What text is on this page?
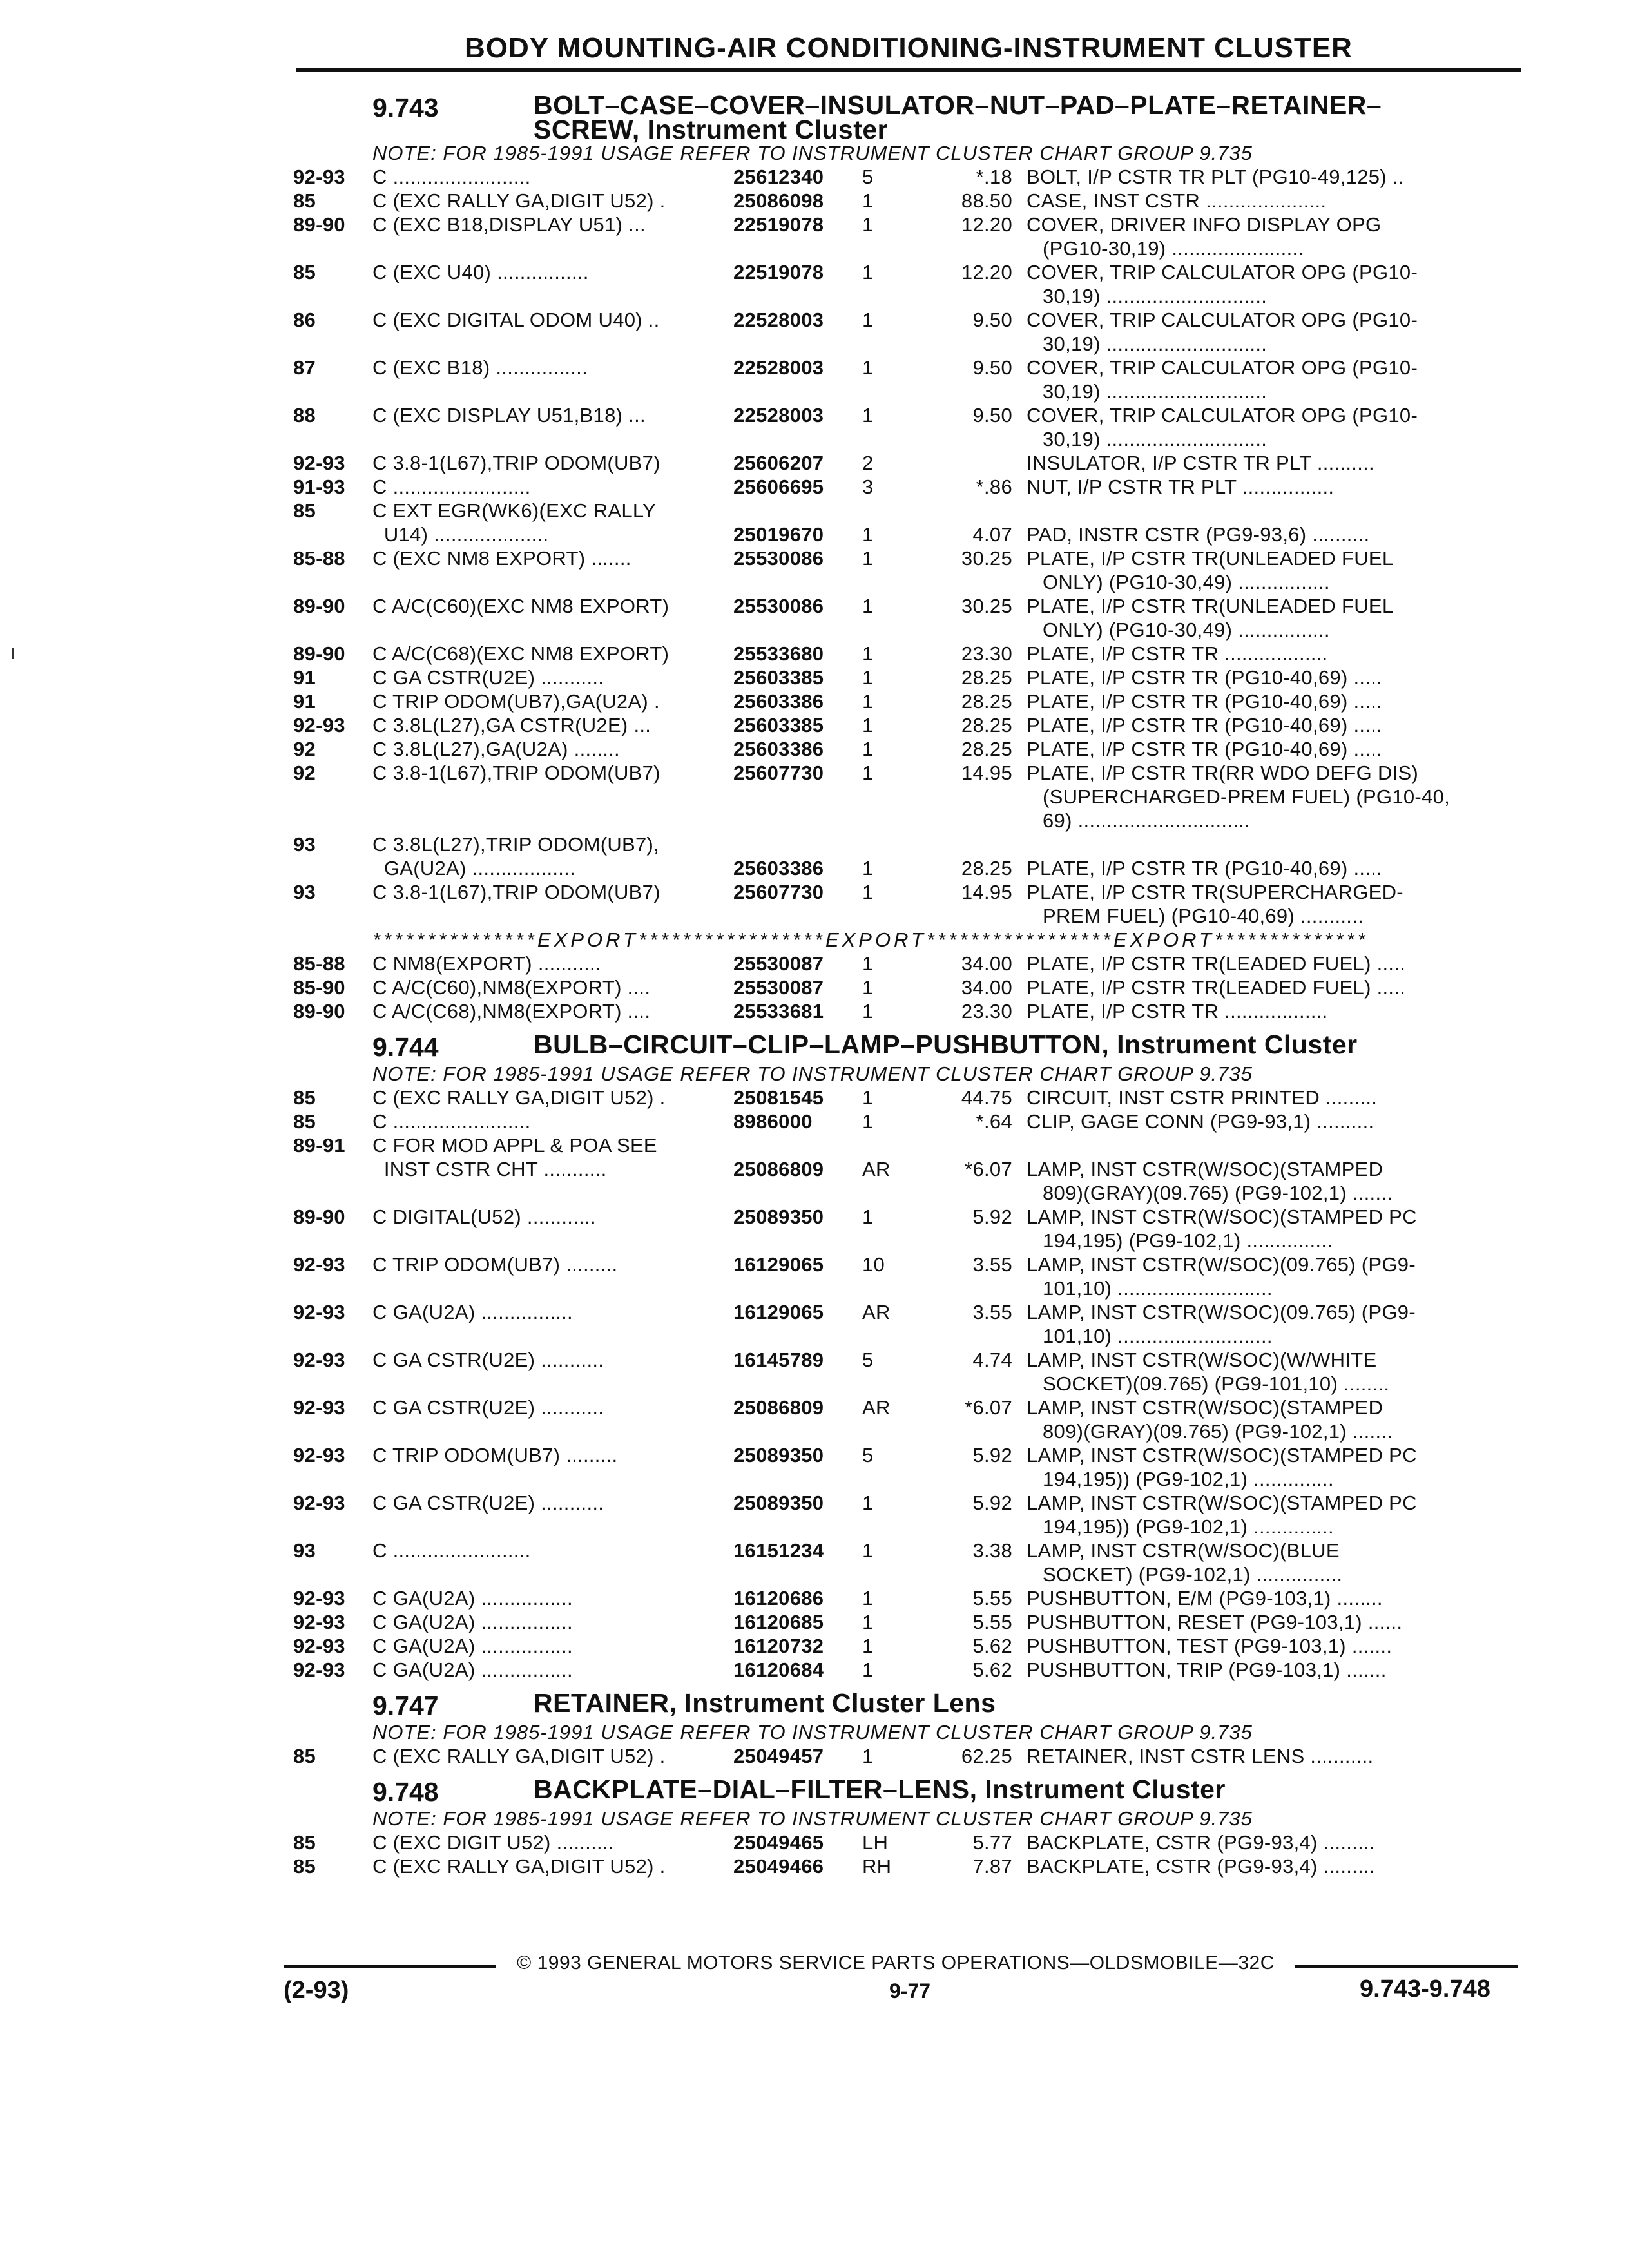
BODY MOUNTING-AIR CONDITIONING-INSTRUMENT CLUSTER
9.743	BOLT–CASE–COVER–INSULATOR–NUT–PAD–PLATE–RETAINER–
SCREW, Instrument Cluster
NOTE: FOR 1985-1991 USAGE REFER TO INSTRUMENT CLUSTER CHART GROUP 9.735
92-93	C ........................	25612340	5	*.18 BOLT, I/P CSTR TR PLT (PG10-49,125) ..
85	C (EXC RALLY GA,DIGIT U52) .	25086098	1	88.50 CASE, INST CSTR .....................
89-90	C (EXC B18,DISPLAY U51) ...	22519078	1	12.20 COVER, DRIVER INFO DISPLAY OPG
(PG10-30,19) .......................
85	C (EXC U40) ................	22519078	1	12.20 COVER, TRIP CALCULATOR OPG (PG10-
30,19) ............................
86	C (EXC DIGITAL ODOM U40) ..	22528003	1	9.50 COVER, TRIP CALCULATOR OPG (PG10-
30,19) ............................
87	C (EXC B18) ................	22528003	1	9.50 COVER, TRIP CALCULATOR OPG (PG10-
30,19) ............................
88	C (EXC DISPLAY U51,B18) ...	22528003	1	9.50 COVER, TRIP CALCULATOR OPG (PG10-
30,19) ............................
92-93	C 3.8-1(L67),TRIP ODOM(UB7)	25606207	2	INSULATOR, I/P CSTR TR PLT ..........
91-93	C ........................	25606695	3	*.86 NUT, I/P CSTR TR PLT ................
85	C EXT EGR(WK6)(EXC RALLY
U14) ....................	25019670	1	4.07 PAD, INSTR CSTR (PG9-93,6) ..........
85-88	C (EXC NM8 EXPORT) .......	25530086	1	30.25 PLATE, I/P CSTR TR(UNLEADED FUEL
ONLY) (PG10-30,49) ................
89-90	C A/C(C60)(EXC NM8 EXPORT)	25530086	1	30.25 PLATE, I/P CSTR TR(UNLEADED FUEL
ONLY) (PG10-30,49) ................
89-90	C A/C(C68)(EXC NM8 EXPORT)	25533680	1	23.30 PLATE, I/P CSTR TR ..................
91	C GA CSTR(U2E) ...........	25603385	1	28.25 PLATE, I/P CSTR TR (PG10-40,69) .....
91	C TRIP ODOM(UB7),GA(U2A) .	25603386	1	28.25 PLATE, I/P CSTR TR (PG10-40,69) .....
92-93	C 3.8L(L27),GA CSTR(U2E) ...	25603385	1	28.25 PLATE, I/P CSTR TR (PG10-40,69) .....
92	C 3.8L(L27),GA(U2A) ........	25603386	1	28.25 PLATE, I/P CSTR TR (PG10-40,69) .....
92	C 3.8-1(L67),TRIP ODOM(UB7)	25607730	1	14.95 PLATE, I/P CSTR TR(RR WDO DEFG DIS)
(SUPERCHARGED-PREM FUEL) (PG10-40,
69) ..............................
93	C 3.8L(L27),TRIP ODOM(UB7),
GA(U2A) ..................	25603386	1	28.25 PLATE, I/P CSTR TR (PG10-40,69) .....
93	C 3.8-1(L67),TRIP ODOM(UB7)	25607730	1	14.95 PLATE, I/P CSTR TR(SUPERCHARGED-
PREM FUEL) (PG10-40,69) ...........
***************EXPORT*****************EXPORT*****************EXPORT**************
85-88	C NM8(EXPORT) ...........	25530087	1	34.00 PLATE, I/P CSTR TR(LEADED FUEL) .....
85-90	C A/C(C60),NM8(EXPORT) ....	25530087	1	34.00 PLATE, I/P CSTR TR(LEADED FUEL) .....
89-90	C A/C(C68),NM8(EXPORT) ....	25533681	1	23.30 PLATE, I/P CSTR TR ..................
9.744	BULB–CIRCUIT–CLIP–LAMP–PUSHBUTTON, Instrument Cluster
NOTE: FOR 1985-1991 USAGE REFER TO INSTRUMENT CLUSTER CHART GROUP 9.735
85	C (EXC RALLY GA,DIGIT U52) .	25081545	1	44.75 CIRCUIT, INST CSTR PRINTED .........
85	C ........................	8986000	1	*.64 CLIP, GAGE CONN (PG9-93,1) ..........
89-91	C FOR MOD APPL & POA SEE
INST CSTR CHT ...........	25086809	AR	*6.07 LAMP, INST CSTR(W/SOC)(STAMPED
809)(GRAY)(09.765) (PG9-102,1) .......
89-90	C DIGITAL(U52) ............	25089350	1	5.92 LAMP, INST CSTR(W/SOC)(STAMPED PC
194,195) (PG9-102,1) ...............
92-93	C TRIP ODOM(UB7) .........	16129065	10	3.55 LAMP, INST CSTR(W/SOC)(09.765) (PG9-
101,10) ...........................
92-93	C GA(U2A) ................	16129065	AR	3.55 LAMP, INST CSTR(W/SOC)(09.765) (PG9-
101,10) ...........................
92-93	C GA CSTR(U2E) ...........	16145789	5	4.74 LAMP, INST CSTR(W/SOC)(W/WHITE
SOCKET)(09.765) (PG9-101,10) ........
92-93	C GA CSTR(U2E) ...........	25086809	AR	*6.07 LAMP, INST CSTR(W/SOC)(STAMPED
809)(GRAY)(09.765) (PG9-102,1) .......
92-93	C TRIP ODOM(UB7) .........	25089350	5	5.92 LAMP, INST CSTR(W/SOC)(STAMPED PC
194,195)) (PG9-102,1) ..............
92-93	C GA CSTR(U2E) ...........	25089350	1	5.92 LAMP, INST CSTR(W/SOC)(STAMPED PC
194,195)) (PG9-102,1) ..............
93	C ........................	16151234	1	3.38 LAMP, INST CSTR(W/SOC)(BLUE
SOCKET) (PG9-102,1) ...............
92-93	C GA(U2A) ................	16120686	1	5.55 PUSHBUTTON, E/M (PG9-103,1) ........
92-93	C GA(U2A) ................	16120685	1	5.55 PUSHBUTTON, RESET (PG9-103,1) ......
92-93	C GA(U2A) ................	16120732	1	5.62 PUSHBUTTON, TEST (PG9-103,1) .......
92-93	C GA(U2A) ................	16120684	1	5.62 PUSHBUTTON, TRIP (PG9-103,1) .......
9.747	RETAINER, Instrument Cluster Lens
NOTE: FOR 1985-1991 USAGE REFER TO INSTRUMENT CLUSTER CHART GROUP 9.735
85	C (EXC RALLY GA,DIGIT U52) .	25049457	1	62.25 RETAINER, INST CSTR LENS ...........
9.748	BACKPLATE–DIAL–FILTER–LENS, Instrument Cluster
NOTE: FOR 1985-1991 USAGE REFER TO INSTRUMENT CLUSTER CHART GROUP 9.735
85	C (EXC DIGIT U52) ..........	25049465	LH	5.77 BACKPLATE, CSTR (PG9-93,4) .........
85	C (EXC RALLY GA,DIGIT U52) .	25049466	RH	7.87 BACKPLATE, CSTR (PG9-93,4) .........
© 1993 GENERAL MOTORS SERVICE PARTS OPERATIONS—OLDSMOBILE—32C
(2-93)	9-77	9.743-9.748
